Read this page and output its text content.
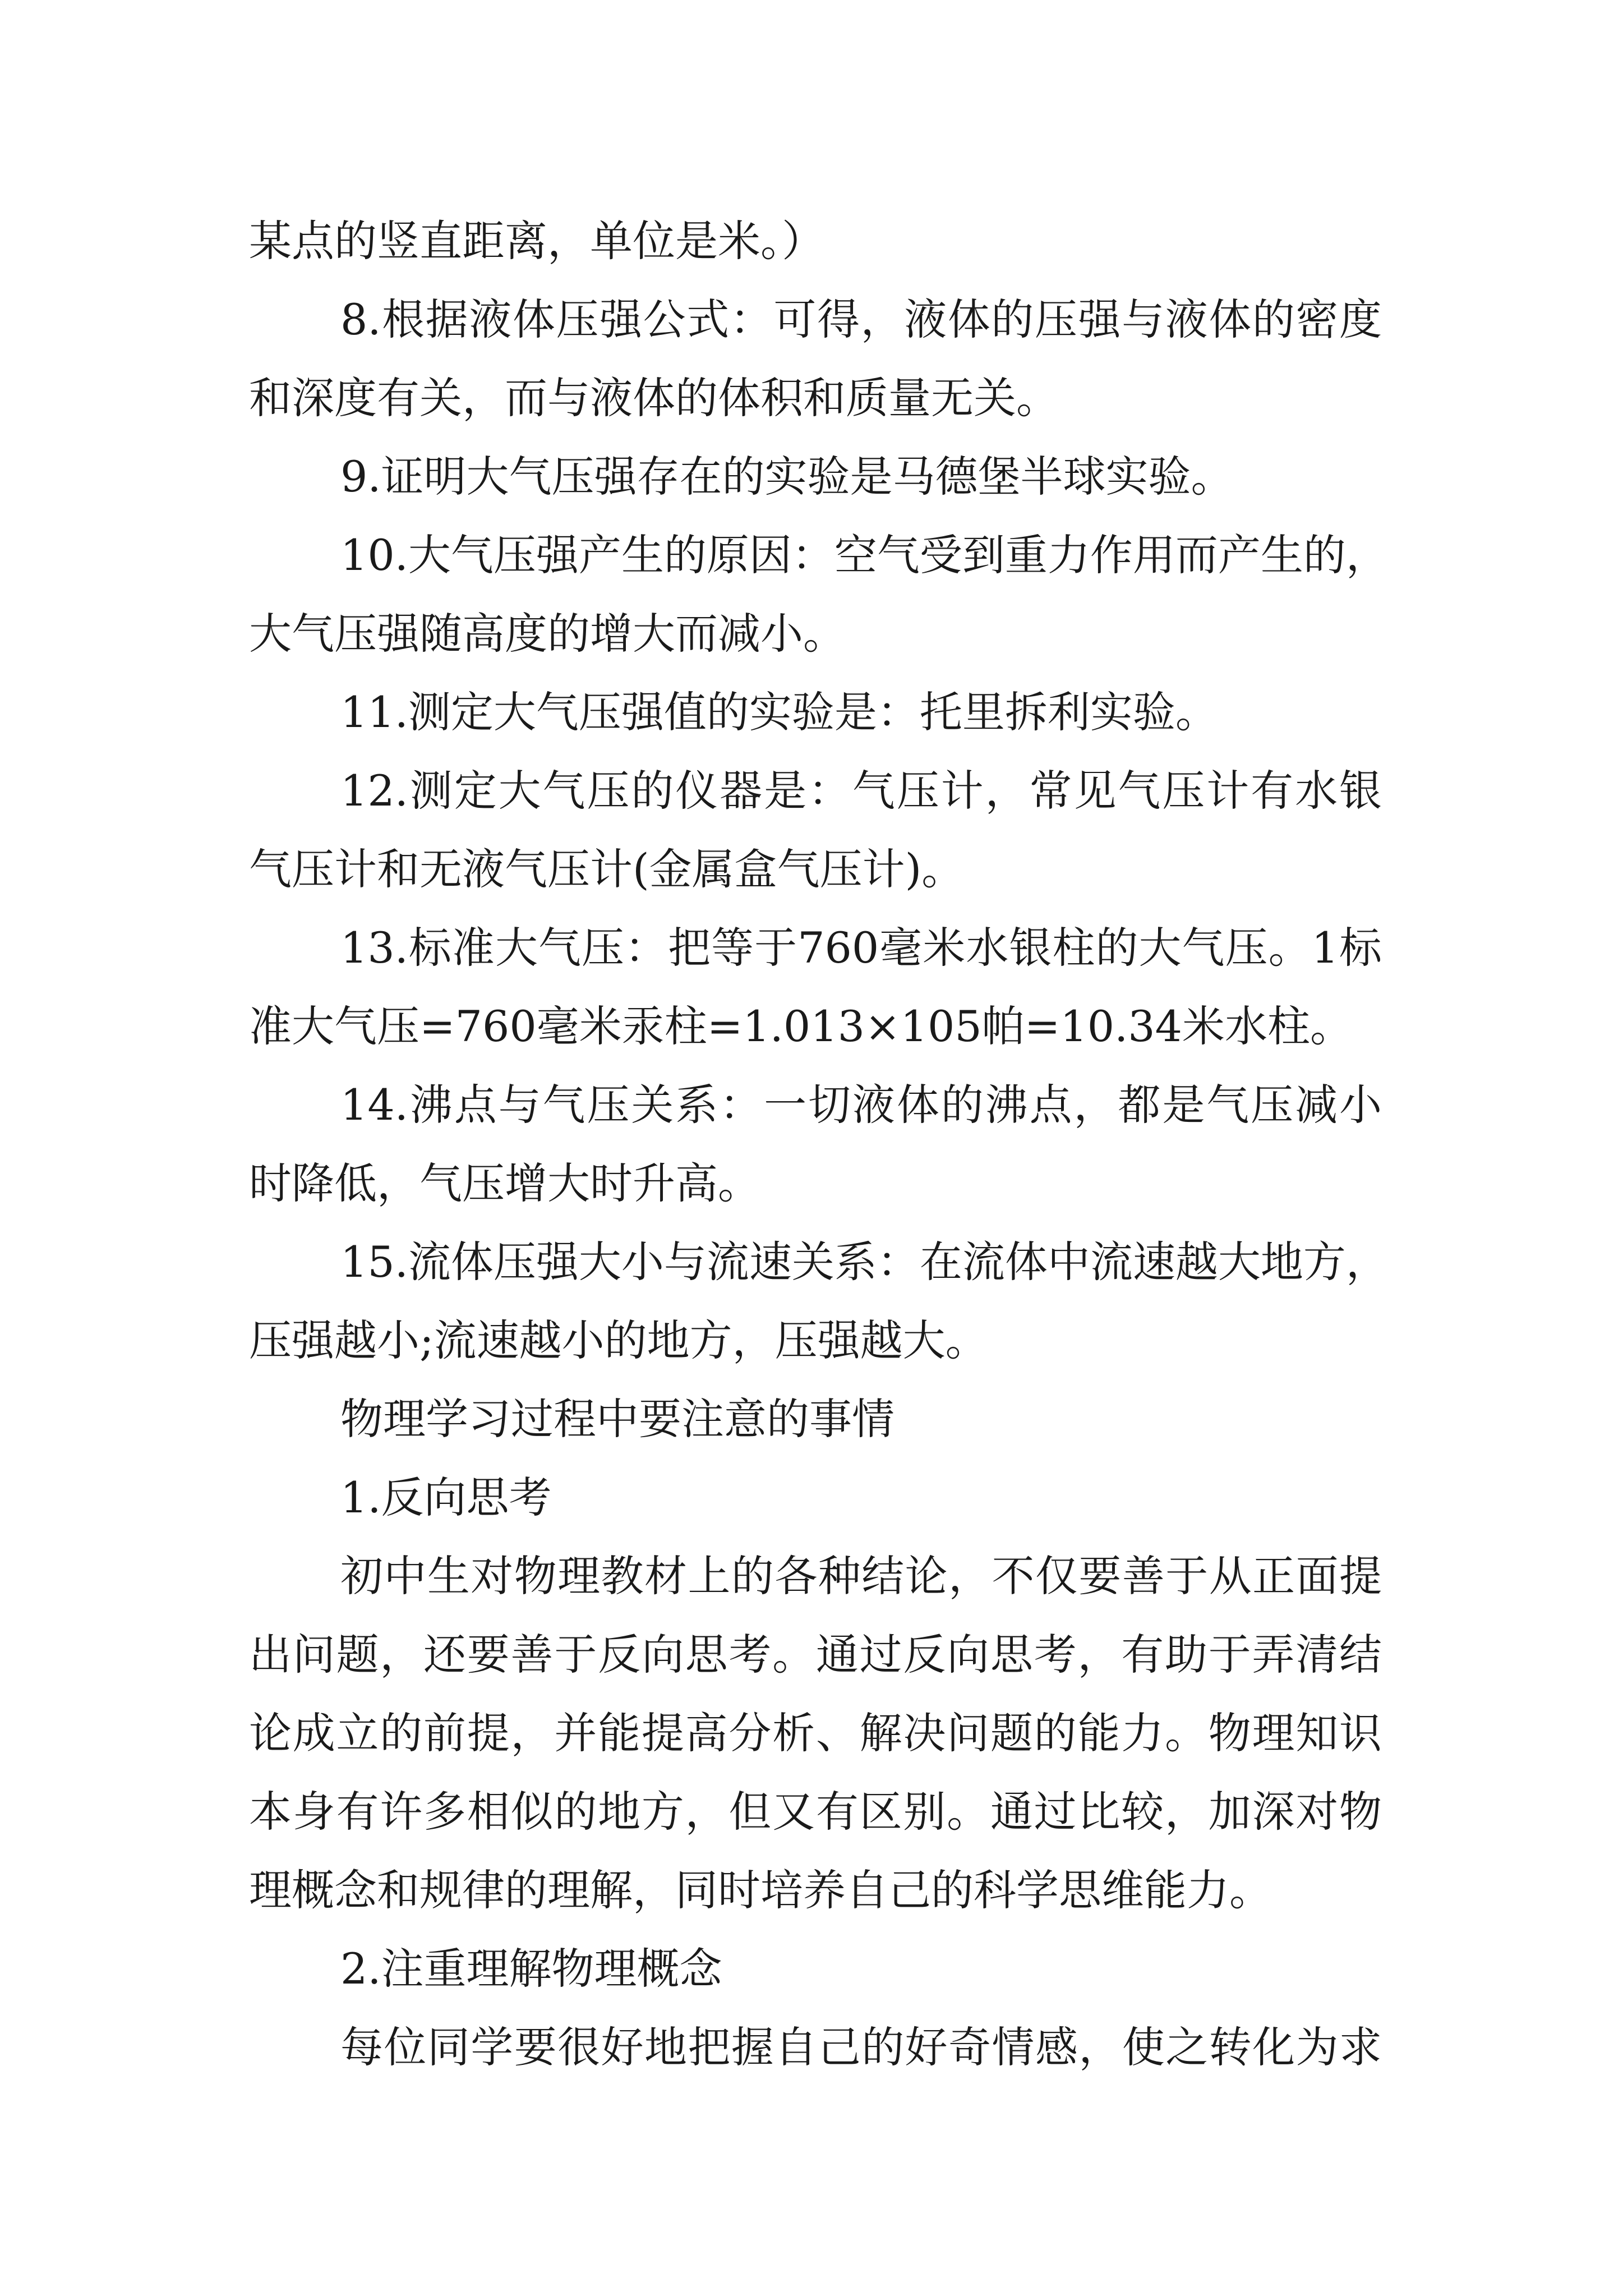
某点的竖直距离，单位是米。）
8.根据液体压强公式：可得，液体的压强与液体的密度
和深度有关，而与液体的体积和质量无关。
9.证明大气压强存在的实验是马德堡半球实验。
10.大气压强产生的原因：空气受到重力作用而产生的，
大气压强随高度的增大而减小。
11.测定大气压强值的实验是：托里拆利实验。
12.测定大气压的仪器是：气压计，常见气压计有水银
气压计和无液气压计(金属盒气压计)。
13.标准大气压：把等于760毫米水银柱的大气压。1标
准大气压=760毫米汞柱=1.013×105帕=10.34米水柱。
14.沸点与气压关系：一切液体的沸点，都是气压减小
时降低，气压增大时升高。
15.流体压强大小与流速关系：在流体中流速越大地方，
压强越小;流速越小的地方，压强越大。
物理学习过程中要注意的事情
1.反向思考
初中生对物理教材上的各种结论，不仅要善于从正面提
出问题，还要善于反向思考。通过反向思考，有助于弄清结
论成立的前提，并能提高分析、解决问题的能力。物理知识
本身有许多相似的地方，但又有区别。通过比较，加深对物
理概念和规律的理解，同时培养自己的科学思维能力。
2.注重理解物理概念
每位同学要很好地把握自己的好奇情感，使之转化为求
